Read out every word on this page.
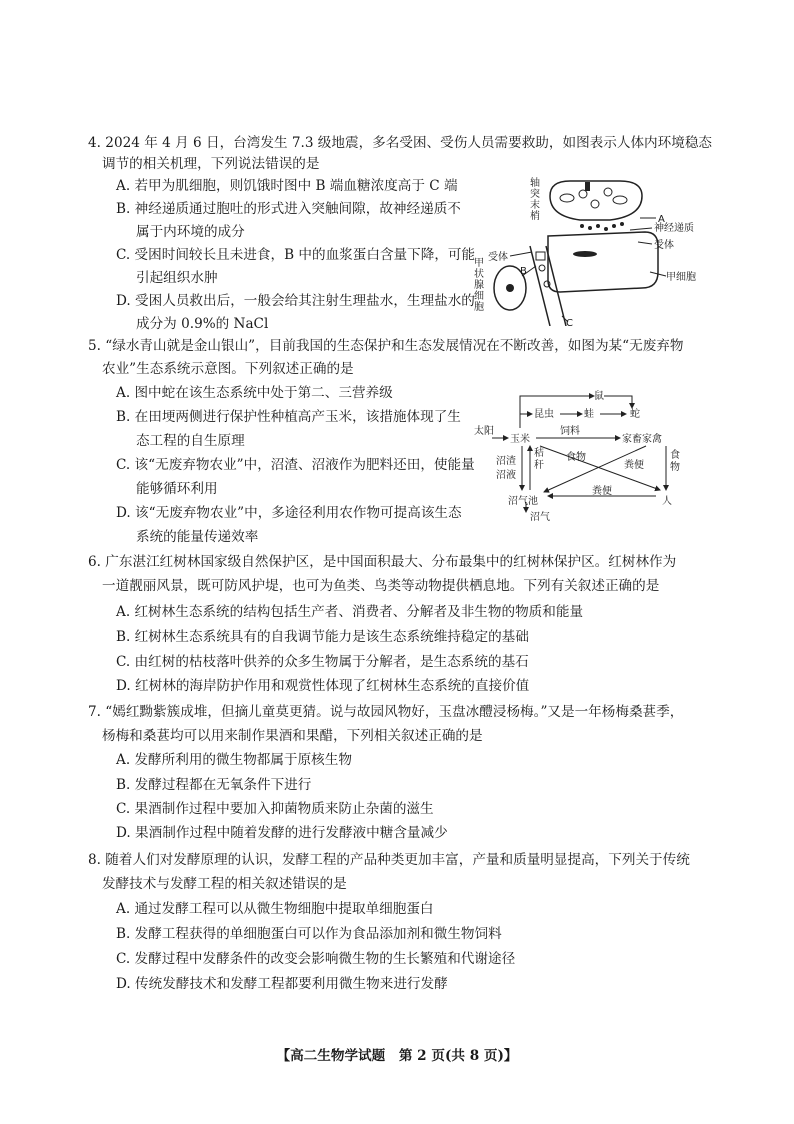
4. 2024 年 4 月 6 日，台湾发生 7.3 级地震，多名受困、受伤人员需要救助，如图表示人体内环境稳态
调节的相关机理，下列说法错误的是
A. 若甲为肌细胞，则饥饿时图中 B 端血糖浓度高于 C 端
B. 神经递质通过胞吐的形式进入突触间隙，故神经递质不
属于内环境的成分
C. 受困时间较长且未进食，B 中的血浆蛋白含量下降，可能
引起组织水肿
D. 受困人员救出后，一般会给其注射生理盐水，生理盐水的
成分为 0.9%的 NaCl
轴
突
末
梢	A
神经递质
受体
受体
B
甲细胞
C
甲
状
腺
细
胞
5. “绿水青山就是金山银山”，目前我国的生态保护和生态发展情况在不断改善，如图为某“无废弃物
农业”生态系统示意图。下列叙述正确的是
A. 图中蛇在该生态系统中处于第二、三营养级
B. 在田埂两侧进行保护性种植高产玉米，该措施体现了生
态工程的自生原理
C. 该“无废弃物农业”中，沼渣、沼液作为肥料还田，使能量
能够循环利用
D. 该“无废弃物农业”中，多途径利用农作物可提高该生态
系统的能量传递效率
鼠
昆虫	蛙	蛇
太阳
玉米
饲料
家畜家禽
沼渣
沼液
秸
秆
食物
粪便
食
物
沼气池
粪便
人
沼气
6. 广东湛江红树林国家级自然保护区，是中国面积最大、分布最集中的红树林保护区。红树林作为
一道靓丽风景，既可防风护堤，也可为鱼类、鸟类等动物提供栖息地。下列有关叙述正确的是
A. 红树林生态系统的结构包括生产者、消费者、分解者及非生物的物质和能量
B. 红树林生态系统具有的自我调节能力是该生态系统维持稳定的基础
C. 由红树的枯枝落叶供养的众多生物属于分解者，是生态系统的基石
D. 红树林的海岸防护作用和观赏性体现了红树林生态系统的直接价值
7. “嫣红黝紫簇成堆，但摘儿童莫更猜。说与故园风物好，玉盘冰醴浸杨梅。”又是一年杨梅桑葚季，
杨梅和桑葚均可以用来制作果酒和果醋，下列相关叙述正确的是
A. 发酵所利用的微生物都属于原核生物
B. 发酵过程都在无氧条件下进行
C. 果酒制作过程中要加入抑菌物质来防止杂菌的滋生
D. 果酒制作过程中随着发酵的进行发酵液中糖含量减少
8. 随着人们对发酵原理的认识，发酵工程的产品种类更加丰富，产量和质量明显提高，下列关于传统
发酵技术与发酵工程的相关叙述错误的是
A. 通过发酵工程可以从微生物细胞中提取单细胞蛋白
B. 发酵工程获得的单细胞蛋白可以作为食品添加剂和微生物饲料
C. 发酵过程中发酵条件的改变会影响微生物的生长繁殖和代谢途径
D. 传统发酵技术和发酵工程都要利用微生物来进行发酵
【高二生物学试题　第 2 页(共 8 页)】
